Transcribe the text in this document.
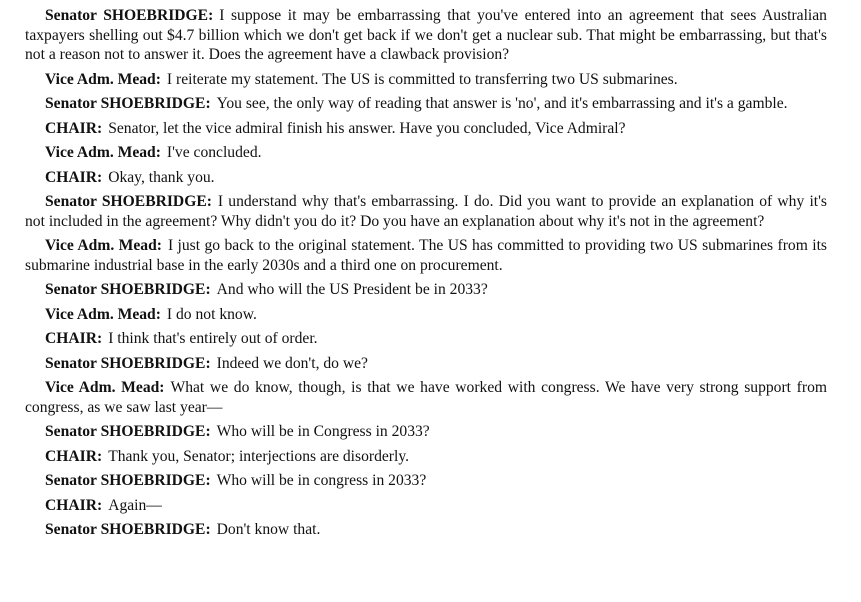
Senator SHOEBRIDGE: I suppose it may be embarrassing that you've entered into an agreement that sees Australian taxpayers shelling out $4.7 billion which we don't get back if we don't get a nuclear sub. That might be embarrassing, but that's not a reason not to answer it. Does the agreement have a clawback provision?

Vice Adm. Mead: I reiterate my statement. The US is committed to transferring two US submarines.

Senator SHOEBRIDGE: You see, the only way of reading that answer is 'no', and it's embarrassing and it's a gamble.

CHAIR: Senator, let the vice admiral finish his answer. Have you concluded, Vice Admiral?

Vice Adm. Mead: I've concluded.

CHAIR: Okay, thank you.

Senator SHOEBRIDGE: I understand why that's embarrassing. I do. Did you want to provide an explanation of why it's not included in the agreement? Why didn't you do it? Do you have an explanation about why it's not in the agreement?

Vice Adm. Mead: I just go back to the original statement. The US has committed to providing two US submarines from its submarine industrial base in the early 2030s and a third one on procurement.

Senator SHOEBRIDGE: And who will the US President be in 2033?

Vice Adm. Mead: I do not know.

CHAIR: I think that's entirely out of order.

Senator SHOEBRIDGE: Indeed we don't, do we?

Vice Adm. Mead: What we do know, though, is that we have worked with congress. We have very strong support from congress, as we saw last year—

Senator SHOEBRIDGE: Who will be in Congress in 2033?

CHAIR: Thank you, Senator; interjections are disorderly.

Senator SHOEBRIDGE: Who will be in congress in 2033?

CHAIR: Again—

Senator SHOEBRIDGE: Don't know that.
